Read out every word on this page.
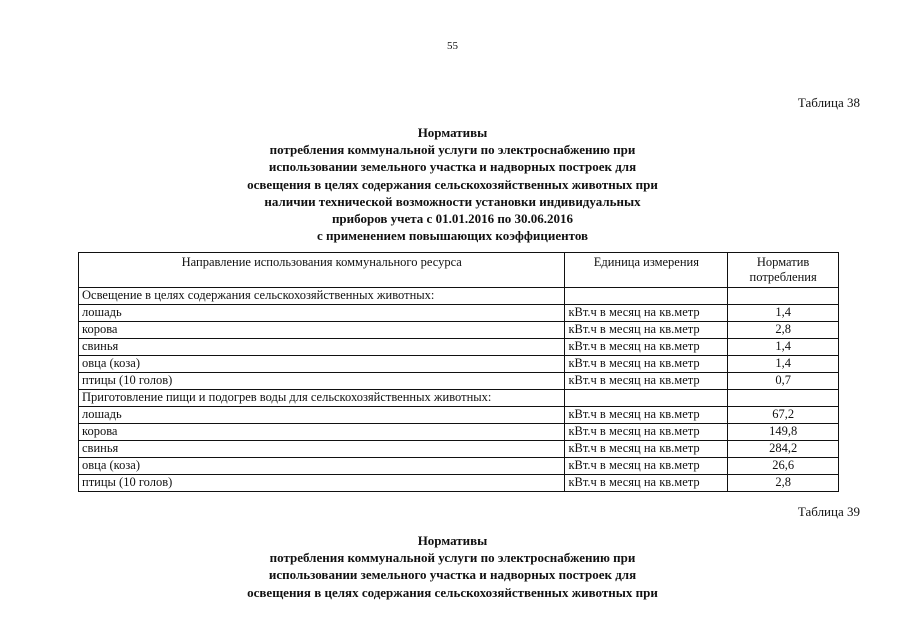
55
Таблица 38
Нормативы
потребления коммунальной услуги по электроснабжению при
использовании земельного участка и надворных построек для
освещения в целях содержания сельскохозяйственных животных при
наличии технической возможности установки индивидуальных
приборов учета с 01.01.2016 по 30.06.2016
с применением повышающих коэффициентов
Направление использования коммунального ресурса	Единица измерения	Норматив
потребления
Освещение в целях содержания сельскохозяйственных животных:		
лошадь	кВт.ч в месяц на кв.метр	1,4
корова	кВт.ч в месяц на кв.метр	2,8
свинья	кВт.ч в месяц на кв.метр	1,4
овца (коза)	кВт.ч в месяц на кв.метр	1,4
птицы (10 голов)	кВт.ч в месяц на кв.метр	0,7
Приготовление пищи и подогрев воды для сельскохозяйственных животных:		
лошадь	кВт.ч в месяц на кв.метр	67,2
корова	кВт.ч в месяц на кв.метр	149,8
свинья	кВт.ч в месяц на кв.метр	284,2
овца (коза)	кВт.ч в месяц на кв.метр	26,6
птицы (10 голов)	кВт.ч в месяц на кв.метр	2,8
Таблица 39
Нормативы
потребления коммунальной услуги по электроснабжению при
использовании земельного участка и надворных построек для
освещения в целях содержания сельскохозяйственных животных при
